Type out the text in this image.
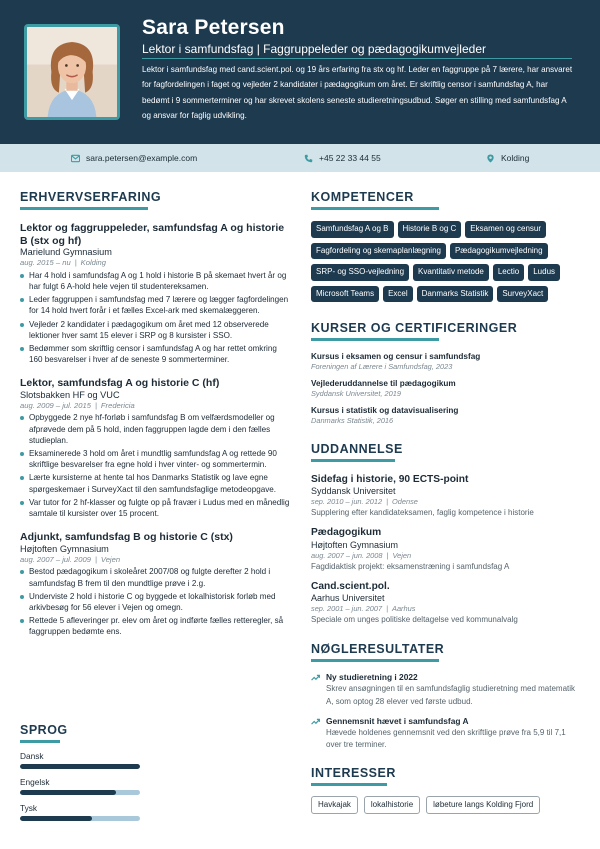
Sara Petersen
Lektor i samfundsfag | Faggruppeleder og pædagogikumvejleder
Lektor i samfundsfag med cand.scient.pol. og 19 års erfaring fra stx og hf. Leder en faggruppe på 7 lærere, har ansvaret for fagfordelingen i faget og vejleder 2 kandidater i pædagogikum om året. Er skriftlig censor i samfundsfag A, har bedømt i 9 sommerterminer og har skrevet skolens seneste studieretningsudbud. Søger en stilling med samfundsfag A og ansvar for faglig udvikling.
sara.petersen@example.com	+45 22 33 44 55	Kolding
ERHVERVSERFARING
Lektor og faggruppeleder, samfundsfag A og historie B (stx og hf)
Marielund Gymnasium
aug. 2015 – nu | Kolding
Har 4 hold i samfundsfag A og 1 hold i historie B på skemaet hvert år og har fulgt 6 A-hold hele vejen til studentereksamen.
Leder faggruppen i samfundsfag med 7 lærere og lægger fagfordelingen for 14 hold hvert forår i et fælles Excel-ark med skemalæggeren.
Vejleder 2 kandidater i pædagogikum om året med 12 observerede lektioner hver samt 15 elever i SRP og 8 kursister i SSO.
Bedømmer som skriftlig censor i samfundsfag A og har rettet omkring 160 besvarelser i hver af de seneste 9 sommerterminer.
Lektor, samfundsfag A og historie C (hf)
Slotsbakken HF og VUC
aug. 2009 – jul. 2015 | Fredericia
Opbyggede 2 nye hf-forløb i samfundsfag B om velfærdsmodeller og afprøvede dem på 5 hold, inden faggruppen lagde dem i den fælles studieplan.
Eksaminerede 3 hold om året i mundtlig samfundsfag A og rettede 90 skriftlige besvarelser fra egne hold i hver vinter- og sommertermin.
Lærte kursisterne at hente tal hos Danmarks Statistik og lave egne spørgeskemaer i SurveyXact til den samfundsfaglige metodeopgave.
Var tutor for 2 hf-klasser og fulgte op på fravær i Ludus med en månedlig samtale til kursister over 15 procent.
Adjunkt, samfundsfag B og historie C (stx)
Højtoften Gymnasium
aug. 2007 – jul. 2009 | Vejen
Bestod pædagogikum i skoleåret 2007/08 og fulgte derefter 2 hold i samfundsfag B frem til den mundtlige prøve i 2.g.
Underviste 2 hold i historie C og byggede et lokalhistorisk forløb med arkivbesøg for 56 elever i Vejen og omegn.
Rettede 5 afleveringer pr. elev om året og indførte fælles retteregler, så faggruppen bedømte ens.
SPROG
Dansk
Engelsk
Tysk
KOMPETENCER
Samfundsfag A og B	Historie B og C	Eksamen og censur
Fagfordeling og skemaplanlægning	Pædagogikumvejledning
SRP- og SSO-vejledning	Kvantitativ metode	Lectio	Ludus
Microsoft Teams	Excel	Danmarks Statistik	SurveyXact
KURSER OG CERTIFICERINGER
Kursus i eksamen og censur i samfundsfag
Foreningen af Lærere i Samfundsfag, 2023
Vejlederuddannelse til pædagogikum
Syddansk Universitet, 2019
Kursus i statistik og datavisualisering
Danmarks Statistik, 2016
UDDANNELSE
Sidefag i historie, 90 ECTS-point
Syddansk Universitet
sep. 2010 – jun. 2012 | Odense
Supplering efter kandidateksamen, faglig kompetence i historie
Pædagogikum
Højtoften Gymnasium
aug. 2007 – jun. 2008 | Vejen
Fagdidaktisk projekt: eksamenstræning i samfundsfag A
Cand.scient.pol.
Aarhus Universitet
sep. 2001 – jun. 2007 | Aarhus
Speciale om unges politiske deltagelse ved kommunalvalg
NØGLERESULTATER
Ny studieretning i 2022
Skrev ansøgningen til en samfundsfaglig studieretning med matematik A, som optog 28 elever ved første udbud.
Gennemsnit hævet i samfundsfag A
Hævede holdenes gennemsnit ved den skriftlige prøve fra 5,9 til 7,1 over tre terminer.
INTERESSER
Havkajak	lokalhistorie	løbeture langs Kolding Fjord
